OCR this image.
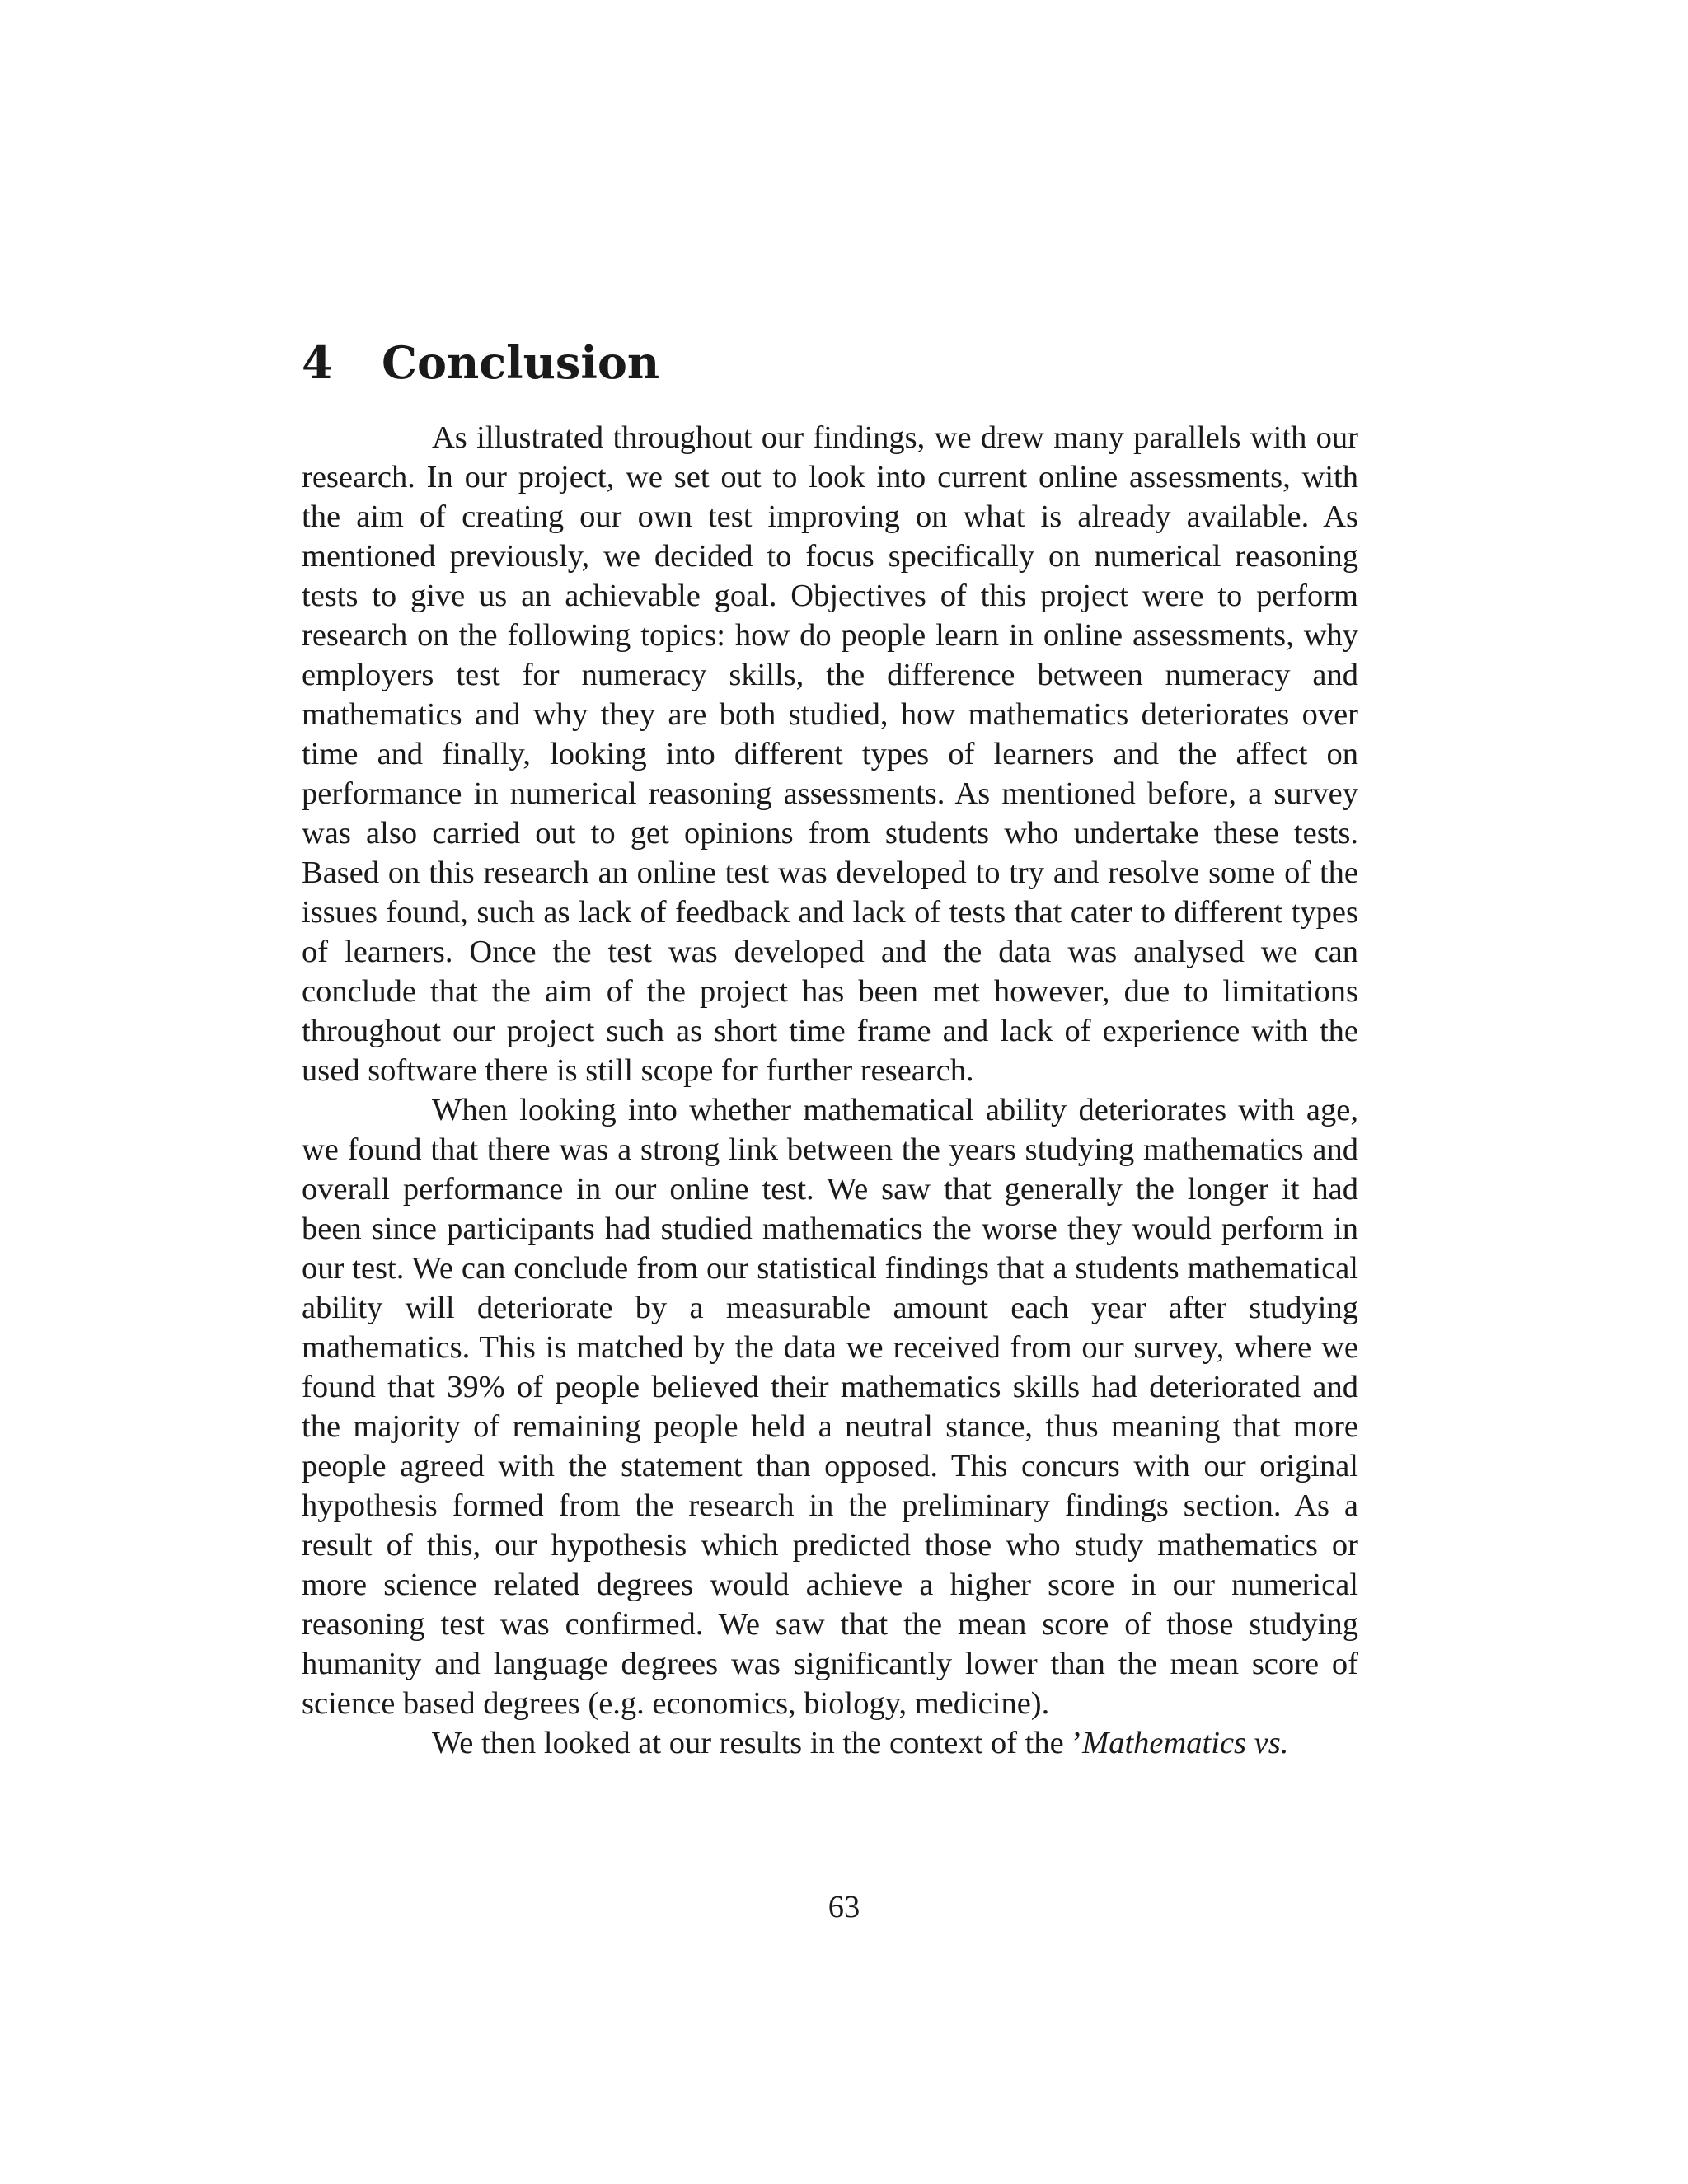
4 Conclusion

As illustrated throughout our findings, we drew many parallels with our research. In our project, we set out to look into current online assessments, with the aim of creating our own test improving on what is already available. As mentioned previously, we decided to focus specifically on numerical reasoning tests to give us an achievable goal. Objectives of this project were to perform research on the following topics: how do people learn in online assessments, why employers test for numeracy skills, the difference between numeracy and mathematics and why they are both studied, how mathematics deteriorates over time and finally, looking into different types of learners and the affect on performance in numerical reasoning assessments. As mentioned before, a survey was also carried out to get opinions from students who undertake these tests. Based on this research an online test was developed to try and resolve some of the issues found, such as lack of feedback and lack of tests that cater to different types of learners. Once the test was developed and the data was analysed we can conclude that the aim of the project has been met however, due to limitations throughout our project such as short time frame and lack of experience with the used software there is still scope for further research.

When looking into whether mathematical ability deteriorates with age, we found that there was a strong link between the years studying mathematics and overall performance in our online test. We saw that generally the longer it had been since participants had studied mathematics the worse they would perform in our test. We can conclude from our statistical findings that a students mathematical ability will deteriorate by a measurable amount each year after studying mathematics. This is matched by the data we received from our survey, where we found that 39% of people believed their mathematics skills had deteriorated and the majority of remaining people held a neutral stance, thus meaning that more people agreed with the statement than opposed. This concurs with our original hypothesis formed from the research in the preliminary findings section. As a result of this, our hypothesis which predicted those who study mathematics or more science related degrees would achieve a higher score in our numerical reasoning test was confirmed. We saw that the mean score of those studying humanity and language degrees was significantly lower than the mean score of science based degrees (e.g. economics, biology, medicine).

We then looked at our results in the context of the ’Mathematics vs.

63
